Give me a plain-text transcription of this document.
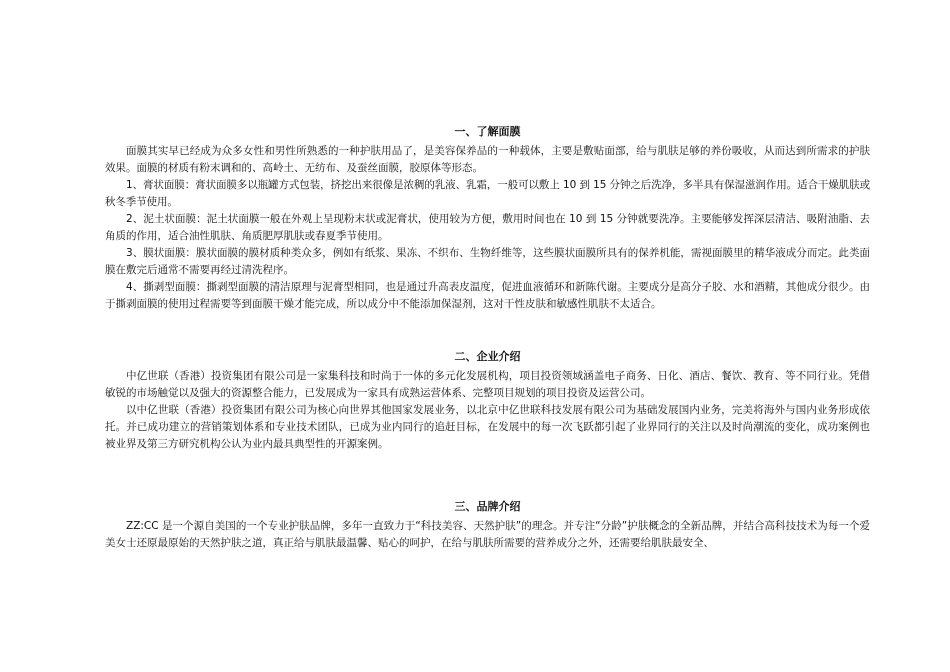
一、了解面膜

面膜其实早已经成为众多女性和男性所熟悉的一种护肤用品了，是美容保养品的一种载体，主要是敷贴面部，给与肌肤足够的养份吸收，从而达到所需求的护肤效果。面膜的材质有粉末调和的、高岭土、无纺布、及蚕丝面膜，胶原体等形态。

1、膏状面膜：膏状面膜多以瓶罐方式包装，挤挖出来很像是浓稠的乳液、乳霜，一般可以敷上 10 到 15 分钟之后洗净，多半具有保湿滋润作用。适合干燥肌肤或秋冬季节使用。

2、泥土状面膜：泥土状面膜一般在外观上呈现粉末状或泥膏状，使用较为方便，敷用时间也在 10 到 15 分钟就要洗净。主要能够发挥深层清洁、吸附油脂、去角质的作用，适合油性肌肤、角质肥厚肌肤或春夏季节使用。

3、膜状面膜：膜状面膜的膜材质种类众多，例如有纸浆、果冻、不织布、生物纤维等，这些膜状面膜所具有的保养机能，需视面膜里的精华液成分而定。此类面膜在敷完后通常不需要再经过清洗程序。

4、撕剥型面膜：撕剥型面膜的清洁原理与泥膏型相同，也是通过升高表皮温度，促进血液循环和新陈代谢。主要成分是高分子胶、水和酒精，其他成分很少。由于撕剥面膜的使用过程需要等到面膜干燥才能完成，所以成分中不能添加保湿剂，这对干性皮肤和敏感性肌肤不太适合。

二、企业介绍

中亿世联（香港）投资集团有限公司是一家集科技和时尚于一体的多元化发展机构，项目投资领域涵盖电子商务、日化、酒店、餐饮、教育、等不同行业。凭借敏锐的市场触觉以及强大的资源整合能力，已发展成为一家具有成熟运营体系、完整项目规划的项目投资及运营公司。

以中亿世联（香港）投资集团有限公司为核心向世界其他国家发展业务，以北京中亿世联科技发展有限公司为基础发展国内业务，完美将海外与国内业务形成依托。并已成功建立的营销策划体系和专业技术团队，已成为业内同行的追赶目标，在发展中的每一次飞跃都引起了业界同行的关注以及时尚潮流的变化，成功案例也被业界及第三方研究机构公认为业内最具典型性的开源案例。

三、品牌介绍

ZZ:CC 是一个源自美国的一个专业护肤品牌，多年一直致力于“科技美容、天然护肤”的理念。并专注“分龄”护肤概念的全新品牌，并结合高科技技术为每一个爱美女士还原最原始的天然护肤之道，真正给与肌肤最温馨、贴心的呵护，在给与肌肤所需要的营养成分之外，还需要给肌肤最安全、
